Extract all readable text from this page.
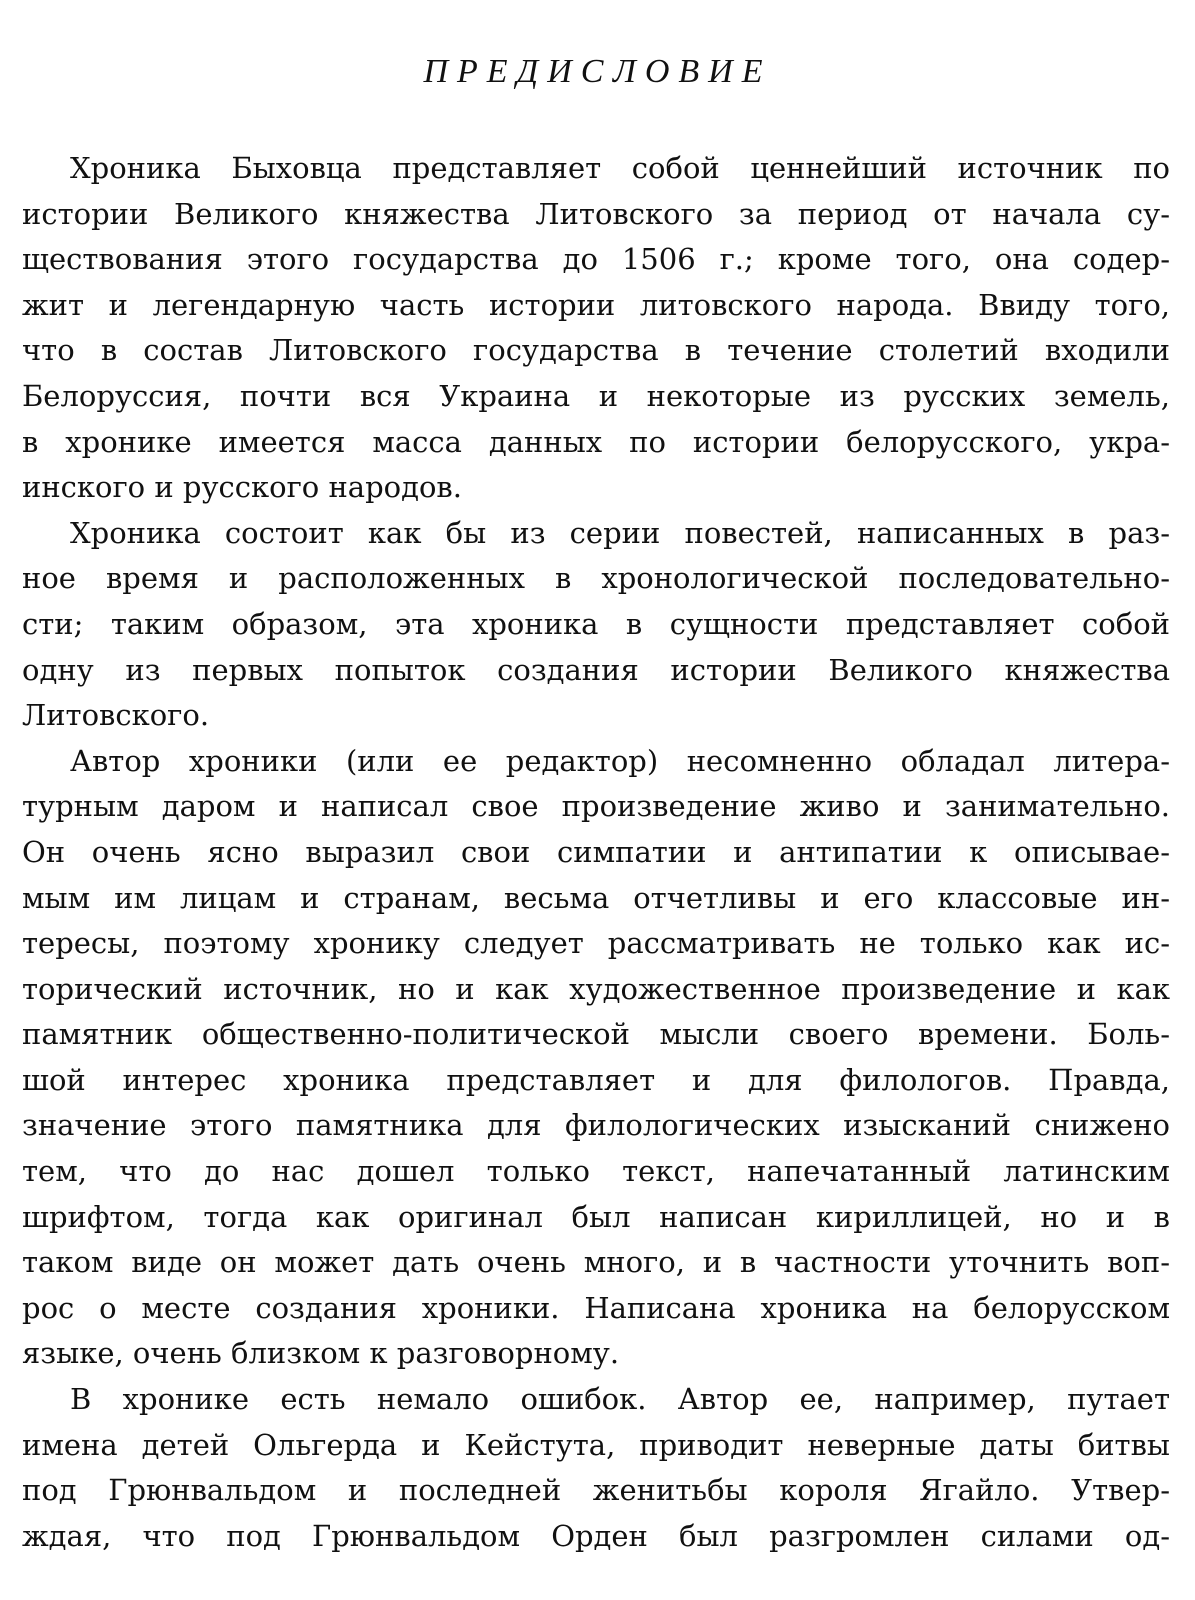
ПРЕДИСЛОВИЕ
Хроника Быховца представляет собой ценнейший источник по
истории Великого княжества Литовского за период от начала су-
ществования этого государства до 1506 г.; кроме того, она содер-
жит и легендарную часть истории литовского народа. Ввиду того,
что в состав Литовского государства в течение столетий входили
Белоруссия, почти вся Украина и некоторые из русских земель,
в хронике имеется масса данных по истории белорусского, укра-
инского и русского народов.
Хроника состоит как бы из серии повестей, написанных в раз-
ное время и расположенных в хронологической последовательно-
сти; таким образом, эта хроника в сущности представляет собой
одну из первых попыток создания истории Великого княжества
Литовского.
Автор хроники (или ее редактор) несомненно обладал литера-
турным даром и написал свое произведение живо и занимательно.
Он очень ясно выразил свои симпатии и антипатии к описывае-
мым им лицам и странам, весьма отчетливы и его классовые ин-
тересы, поэтому хронику следует рассматривать не только как ис-
торический источник, но и как художественное произведение и как
памятник общественно-политической мысли своего времени. Боль-
шой интерес хроника представляет и для филологов. Правда,
значение этого памятника для филологических изысканий снижено
тем, что до нас дошел только текст, напечатанный латинским
шрифтом, тогда как оригинал был написан кириллицей, но и в
таком виде он может дать очень много, и в частности уточнить воп-
рос о месте создания хроники. Написана хроника на белорусском
языке, очень близком к разговорному.
В хронике есть немало ошибок. Автор ее, например, путает
имена детей Ольгерда и Кейстута, приводит неверные даты битвы
под Грюнвальдом и последней женитьбы короля Ягайло. Утвер-
ждая, что под Грюнвальдом Орден был разгромлен силами од-
